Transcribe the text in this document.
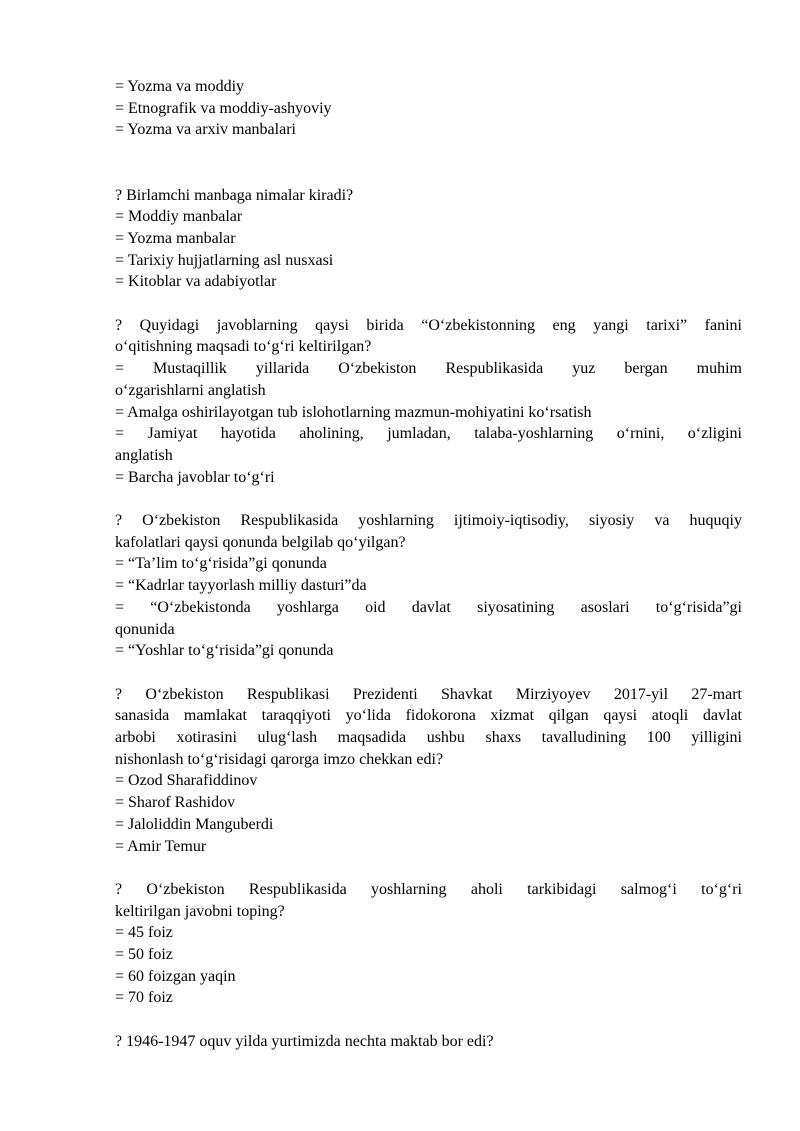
= Yozma va moddiy

= Etnografik va moddiy-ashyoviy

= Yozma va arxiv manbalari

? Birlamchi manbaga nimalar kiradi?

= Moddiy manbalar

= Yozma manbalar

= Tarixiy hujjatlarning asl nusxasi

= Kitoblar va adabiyotlar

? Quyidagi javoblarning qaysi birida “O‘zbekistonning eng yangi tarixi” fanini

o‘qitishning maqsadi to‘g‘ri keltirilgan?

= Mustaqillik yillarida O‘zbekiston Respublikasida yuz bergan muhim

o‘zgarishlarni anglatish

= Amalga oshirilayotgan tub islohotlarning mazmun-mohiyatini ko‘rsatish

= Jamiyat hayotida aholining, jumladan, talaba-yoshlarning o‘rnini, o‘zligini

anglatish

= Barcha javoblar to‘g‘ri

? O‘zbekiston Respublikasida yoshlarning ijtimoiy-iqtisodiy, siyosiy va huquqiy

kafolatlari qaysi qonunda belgilab qo‘yilgan?

= “Ta’lim to‘g‘risida”gi qonunda

= “Kadrlar tayyorlash milliy dasturi”da

= “O‘zbekistonda yoshlarga oid davlat siyosatining asoslari to‘g‘risida”gi

qonunida

= “Yoshlar to‘g‘risida”gi qonunda

? O‘zbekiston Respublikasi Prezidenti Shavkat Mirziyoyev 2017-yil 27-mart

sanasida mamlakat taraqqiyoti yo‘lida fidokorona xizmat qilgan qaysi atoqli davlat

arbobi xotirasini ulug‘lash maqsadida ushbu shaxs tavalludining 100 yilligini

nishonlash to‘g‘risidagi qarorga imzo chekkan edi?

= Ozod Sharafiddinov

= Sharof Rashidov

= Jaloliddin Manguberdi

= Amir Temur

? O‘zbekiston Respublikasida yoshlarning aholi tarkibidagi salmog‘i to‘g‘ri

keltirilgan javobni toping?

= 45 foiz

= 50 foiz

= 60 foizgan yaqin

= 70 foiz

? 1946-1947 oquv yilda yurtimizda nechta maktab bor edi?
